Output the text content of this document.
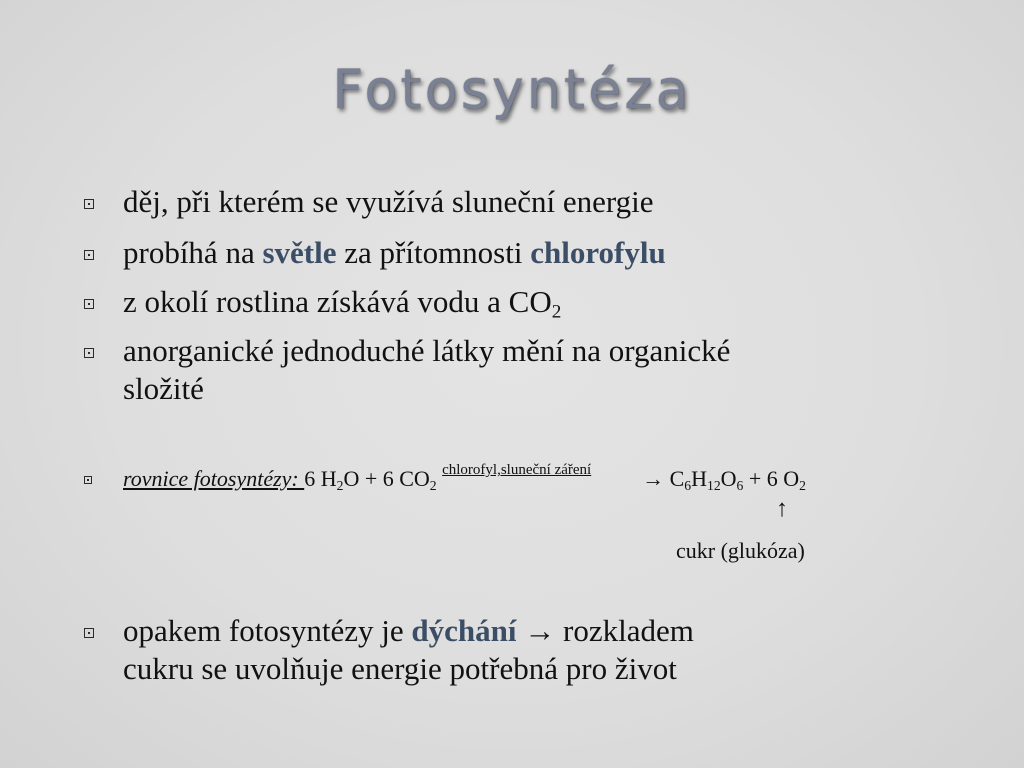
Fotosyntéza
děj, při kterém se využívá sluneční energie
probíhá na světle za přítomnosti chlorofylu
z okolí rostlina získává vodu a $CO_2$
anorganické jednoduché látky mění na organické
složité
rovnice fotosyntézy: 6 $H_2O + 6$ $CO_2$
chlorofyl,sluneční záření → $C_6H_{12}O_6 + 6$ $O_2$
↑
cukr (glukóza)
opakem fotosyntézy je dýchání → rozkladem
cukru se uvolňuje energie potřebná pro život
